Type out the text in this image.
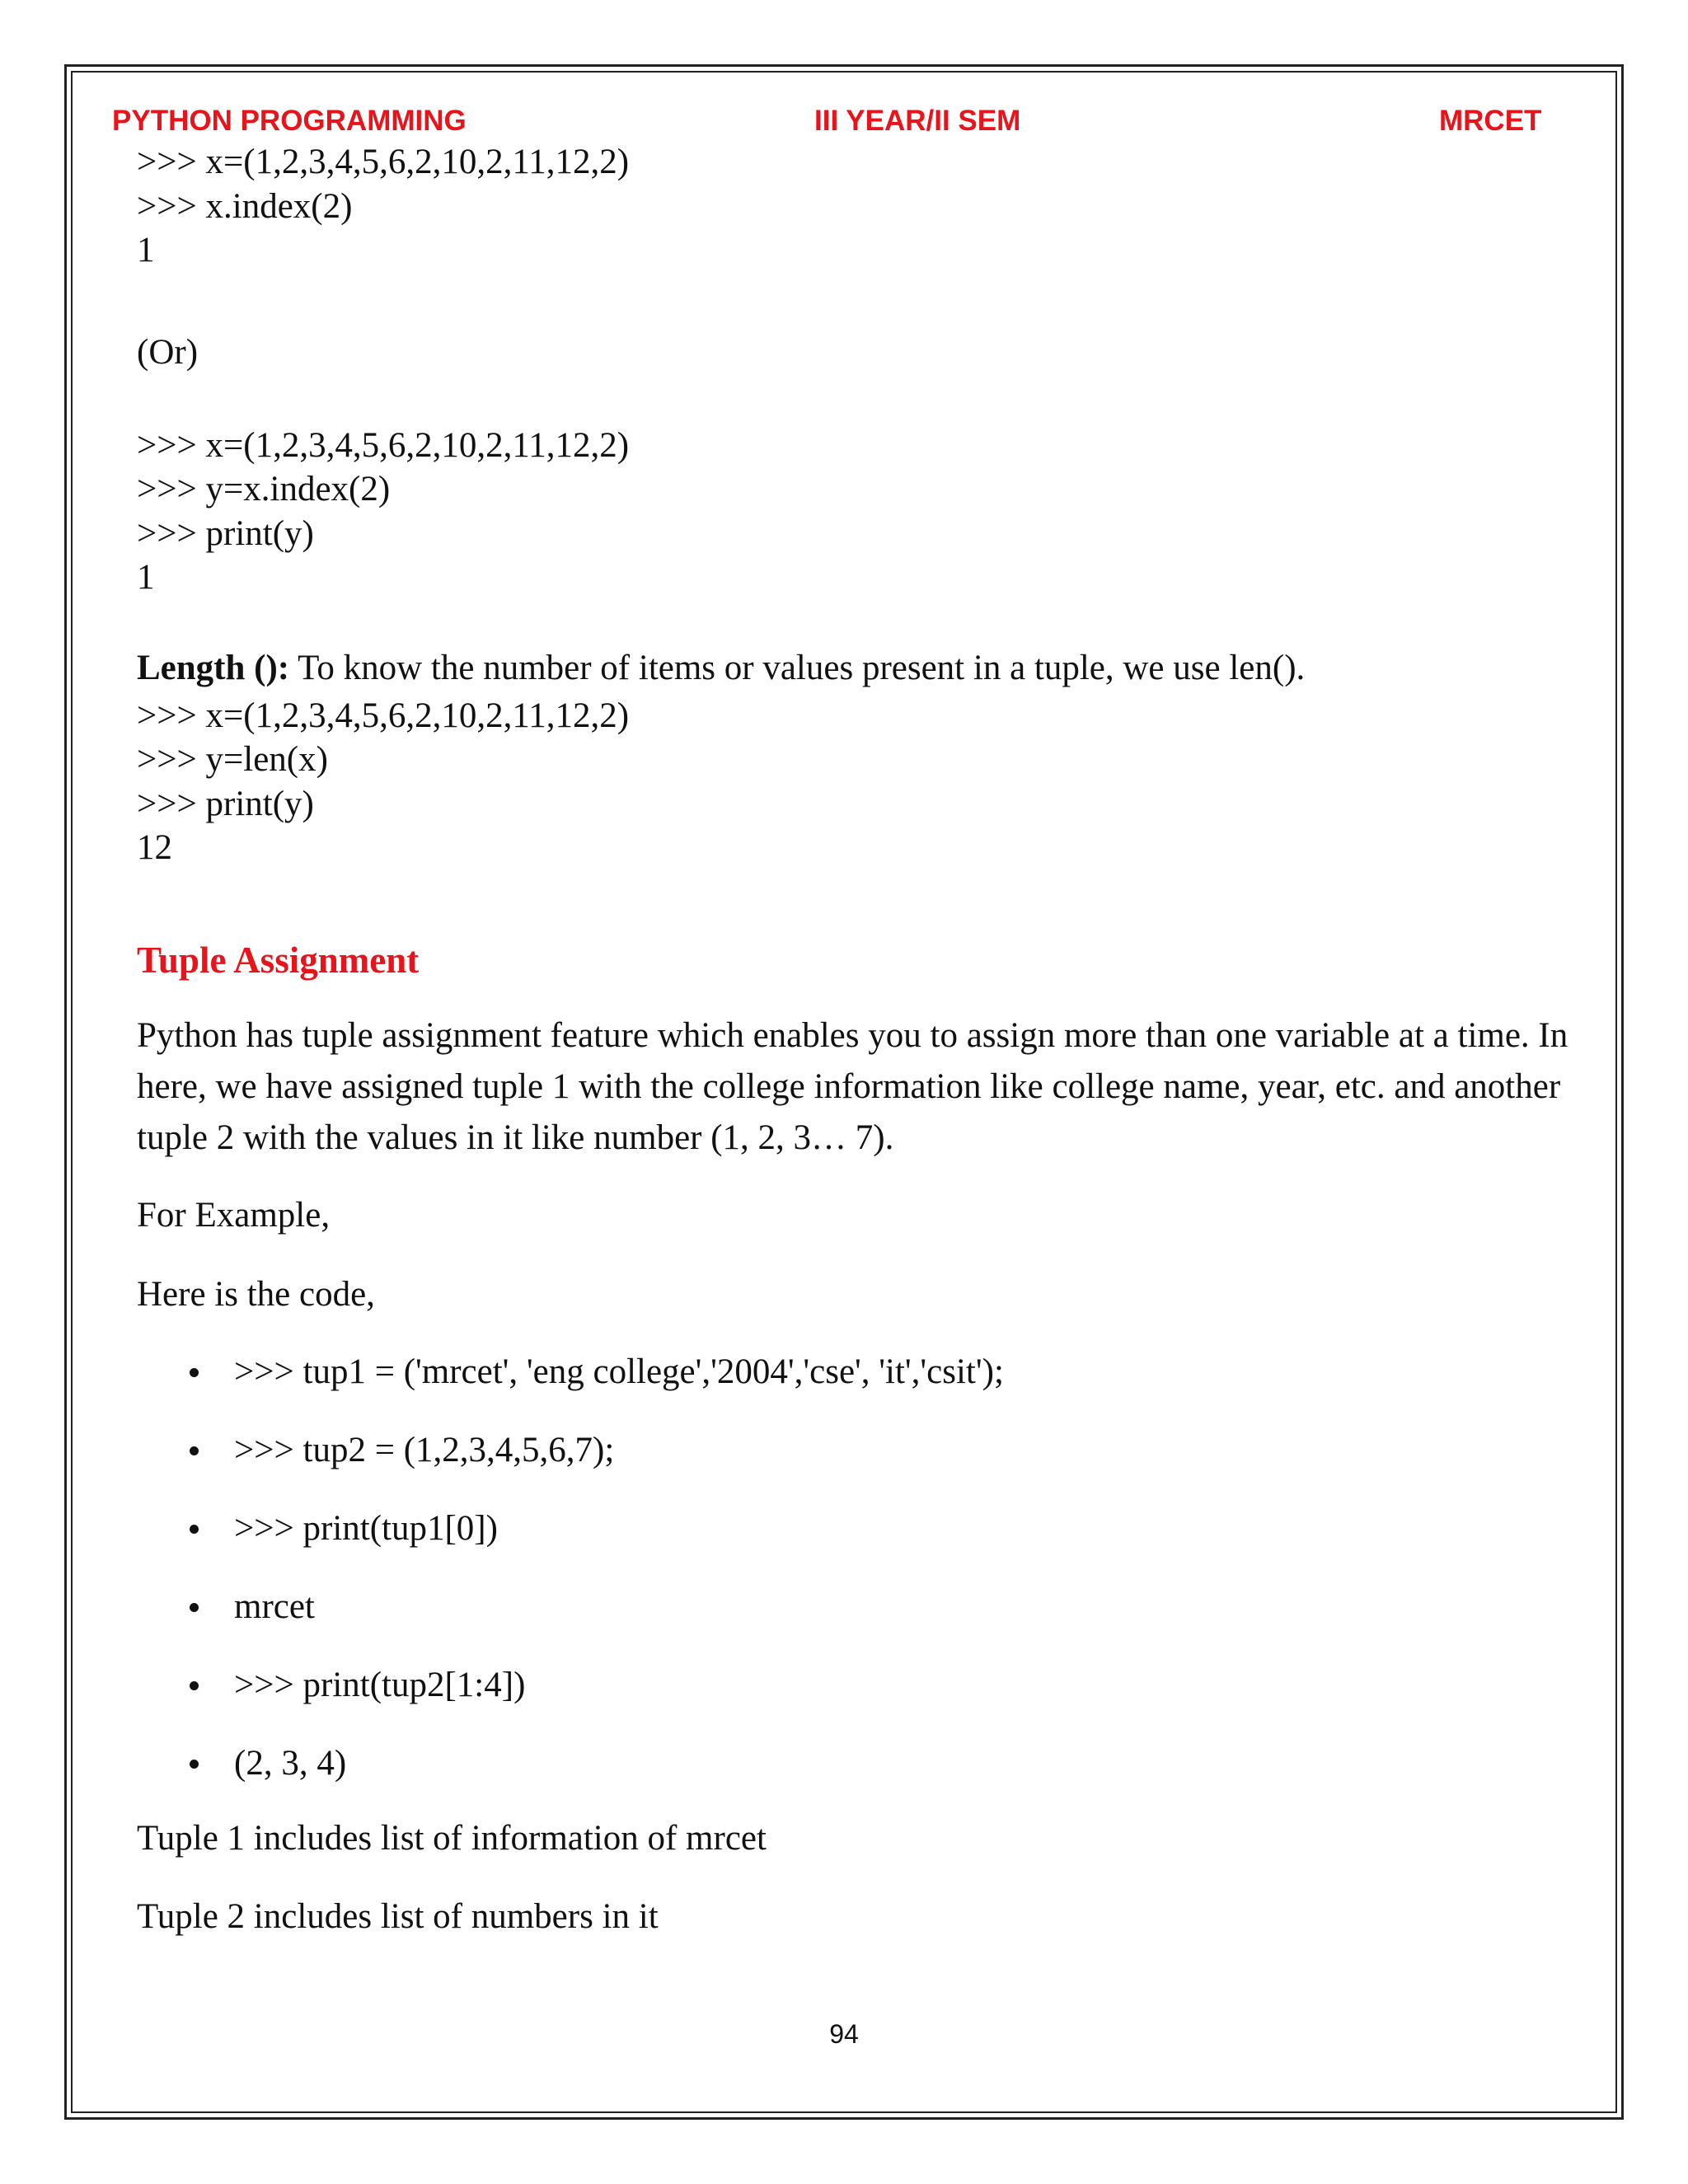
PYTHON PROGRAMMING	III YEAR/II SEM	MRCET
>>> x=(1,2,3,4,5,6,2,10,2,11,12,2)
>>> x.index(2)
1
(Or)
>>> x=(1,2,3,4,5,6,2,10,2,11,12,2)
>>> y=x.index(2)
>>> print(y)
1
Length (): To know the number of items or values present in a tuple, we use len().
>>> x=(1,2,3,4,5,6,2,10,2,11,12,2)
>>> y=len(x)
>>> print(y)
12
Tuple Assignment
Python has tuple assignment feature which enables you to assign more than one variable at a time. In here, we have assigned tuple 1 with the college information like college name, year, etc. and another tuple 2 with the values in it like number (1, 2, 3… 7).
For Example,
Here is the code,
>>> tup1 = ('mrcet', 'eng college','2004','cse', 'it','csit');
>>> tup2 = (1,2,3,4,5,6,7);
>>> print(tup1[0])
mrcet
>>> print(tup2[1:4])
(2, 3, 4)
Tuple 1 includes list of information of mrcet
Tuple 2 includes list of numbers in it
94
